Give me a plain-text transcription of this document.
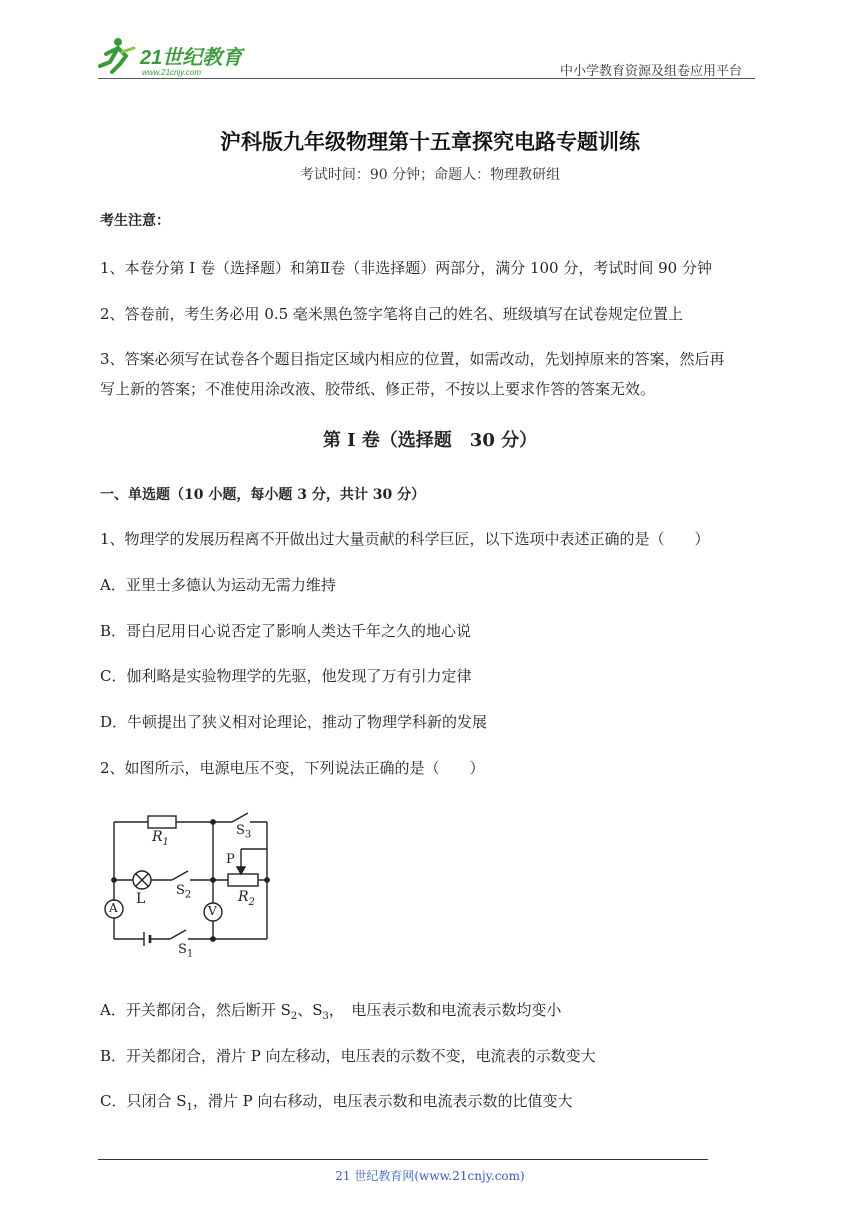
21世纪教育
www.21cnjy.com	中小学教育资源及组卷应用平台
沪科版九年级物理第十五章探究电路专题训练
考试时间：90 分钟；命题人：物理教研组
考生注意：
1、本卷分第 I 卷（选择题）和第Ⅱ卷（非选择题）两部分，满分 100 分，考试时间 90 分钟
2、答卷前，考生务必用 0.5 毫米黑色签字笔将自己的姓名、班级填写在试卷规定位置上
3、答案必须写在试卷各个题目指定区域内相应的位置，如需改动，先划掉原来的答案，然后再
写上新的答案；不准使用涂改液、胶带纸、修正带，不按以上要求作答的答案无效。
第 I 卷（选择题　30 分）
一、单选题（10 小题，每小题 3 分，共计 30 分）
1、物理学的发展历程离不开做出过大量贡献的科学巨匠，以下选项中表述正确的是（　　）
A．亚里士多德认为运动无需力维持
B．哥白尼用日心说否定了影响人类达千年之久的地心说
C．伽利略是实验物理学的先驱，他发现了万有引力定律
D．牛顿提出了狭义相对论理论，推动了物理学科新的发展
2、如图所示，电源电压不变，下列说法正确的是（　　）
$R_1$
$S_3$
P
$R_2$
L
$S_2$
A	V
$S_1$
A．开关都闭合，然后断开 $S_2$、$S_3$，　电压表示数和电流表示数均变小
B．开关都闭合，滑片 P 向左移动，电压表的示数不变，电流表的示数变大
C．只闭合 $S_1$，滑片 P 向右移动，电压表示数和电流表示数的比值变大
21 世纪教育网(www.21cnjy.com)
